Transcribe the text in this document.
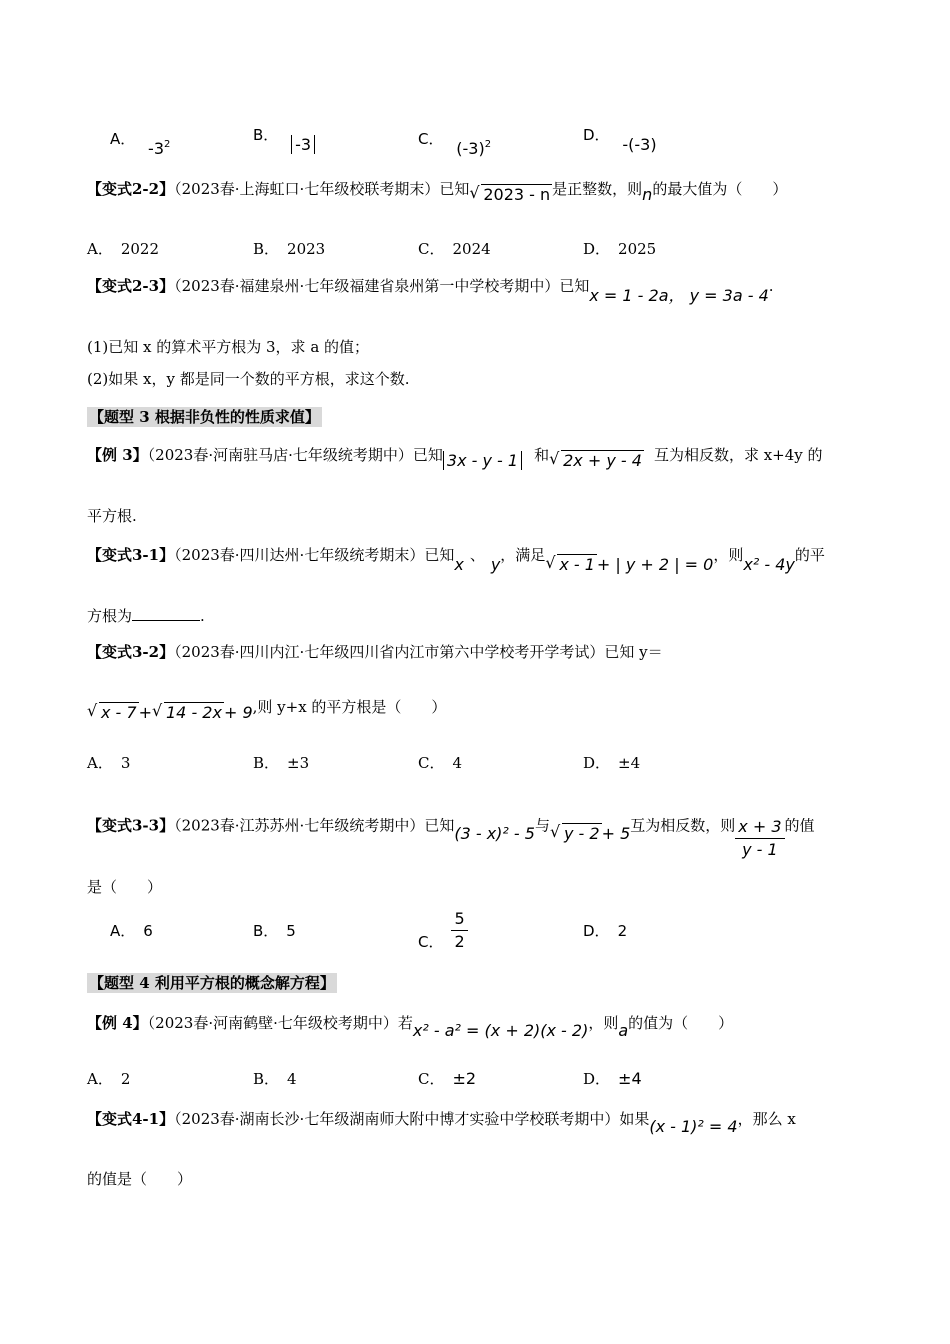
A． $-3^2$
B． -3	C． $(-3)^2$
D． -(-3)
【变式2-2】（2023春·上海虹口·七年级校联考期末）已知 √ 2023 - n 是正整数，则n的最大值为（　　）
A． 2022	B． 2023	C． 2024	D． 2025
【变式2-3】（2023春·福建泉州·七年级福建省泉州第一中学校考期中）已知x = 1 - 2a， y = 3a - 4.
(1)已知 x 的算术平方根为 3，求 a 的值；
(2)如果 x，y 都是同一个数的平方根，求这个数.
【题型 3 根据非负性的性质求值】
【例 3】（2023春·河南驻马店·七年级统考期中）已知 3x - y - 1 和 √ 2x + y - 4 互为相反数，求 x+4y 的
平方根.
【变式3-1】（2023春·四川达州·七年级统考期末）已知x 、 y，满足 √ x - 1 + | y + 2 | = 0，则x² - 4y的平
方根为	.
【变式3-2】（2023春·四川内江·七年级四川省内江市第六中学校考开学考试）已知 y＝
√ x - 7 + √ 14 - 2x + 9,则 y+x 的平方根是（　　）
A． 3	B． ±3	C． 4	D． ±4
【变式3-3】（2023春·江苏苏州·七年级统考期中）已知(3 - x)² - 5与 √ y - 2 + 5互为相反数，则 $\frac{x + 3}{y - 1}$ 的值
是（　　）
A． 6	B． 5
C． $\frac{5}{2}$	D． 2
【题型 4 利用平方根的概念解方程】
【例 4】（2023春·河南鹤壁·七年级校考期中）若x² - a² = (x + 2)(x - 2)，则a的值为（　　）
A． 2	B． 4	C． ±2	D． ±4
【变式4-1】（2023春·湖南长沙·七年级湖南师大附中博才实验中学校联考期中）如果(x - 1)² = 4，那么 x
的值是（　　）
